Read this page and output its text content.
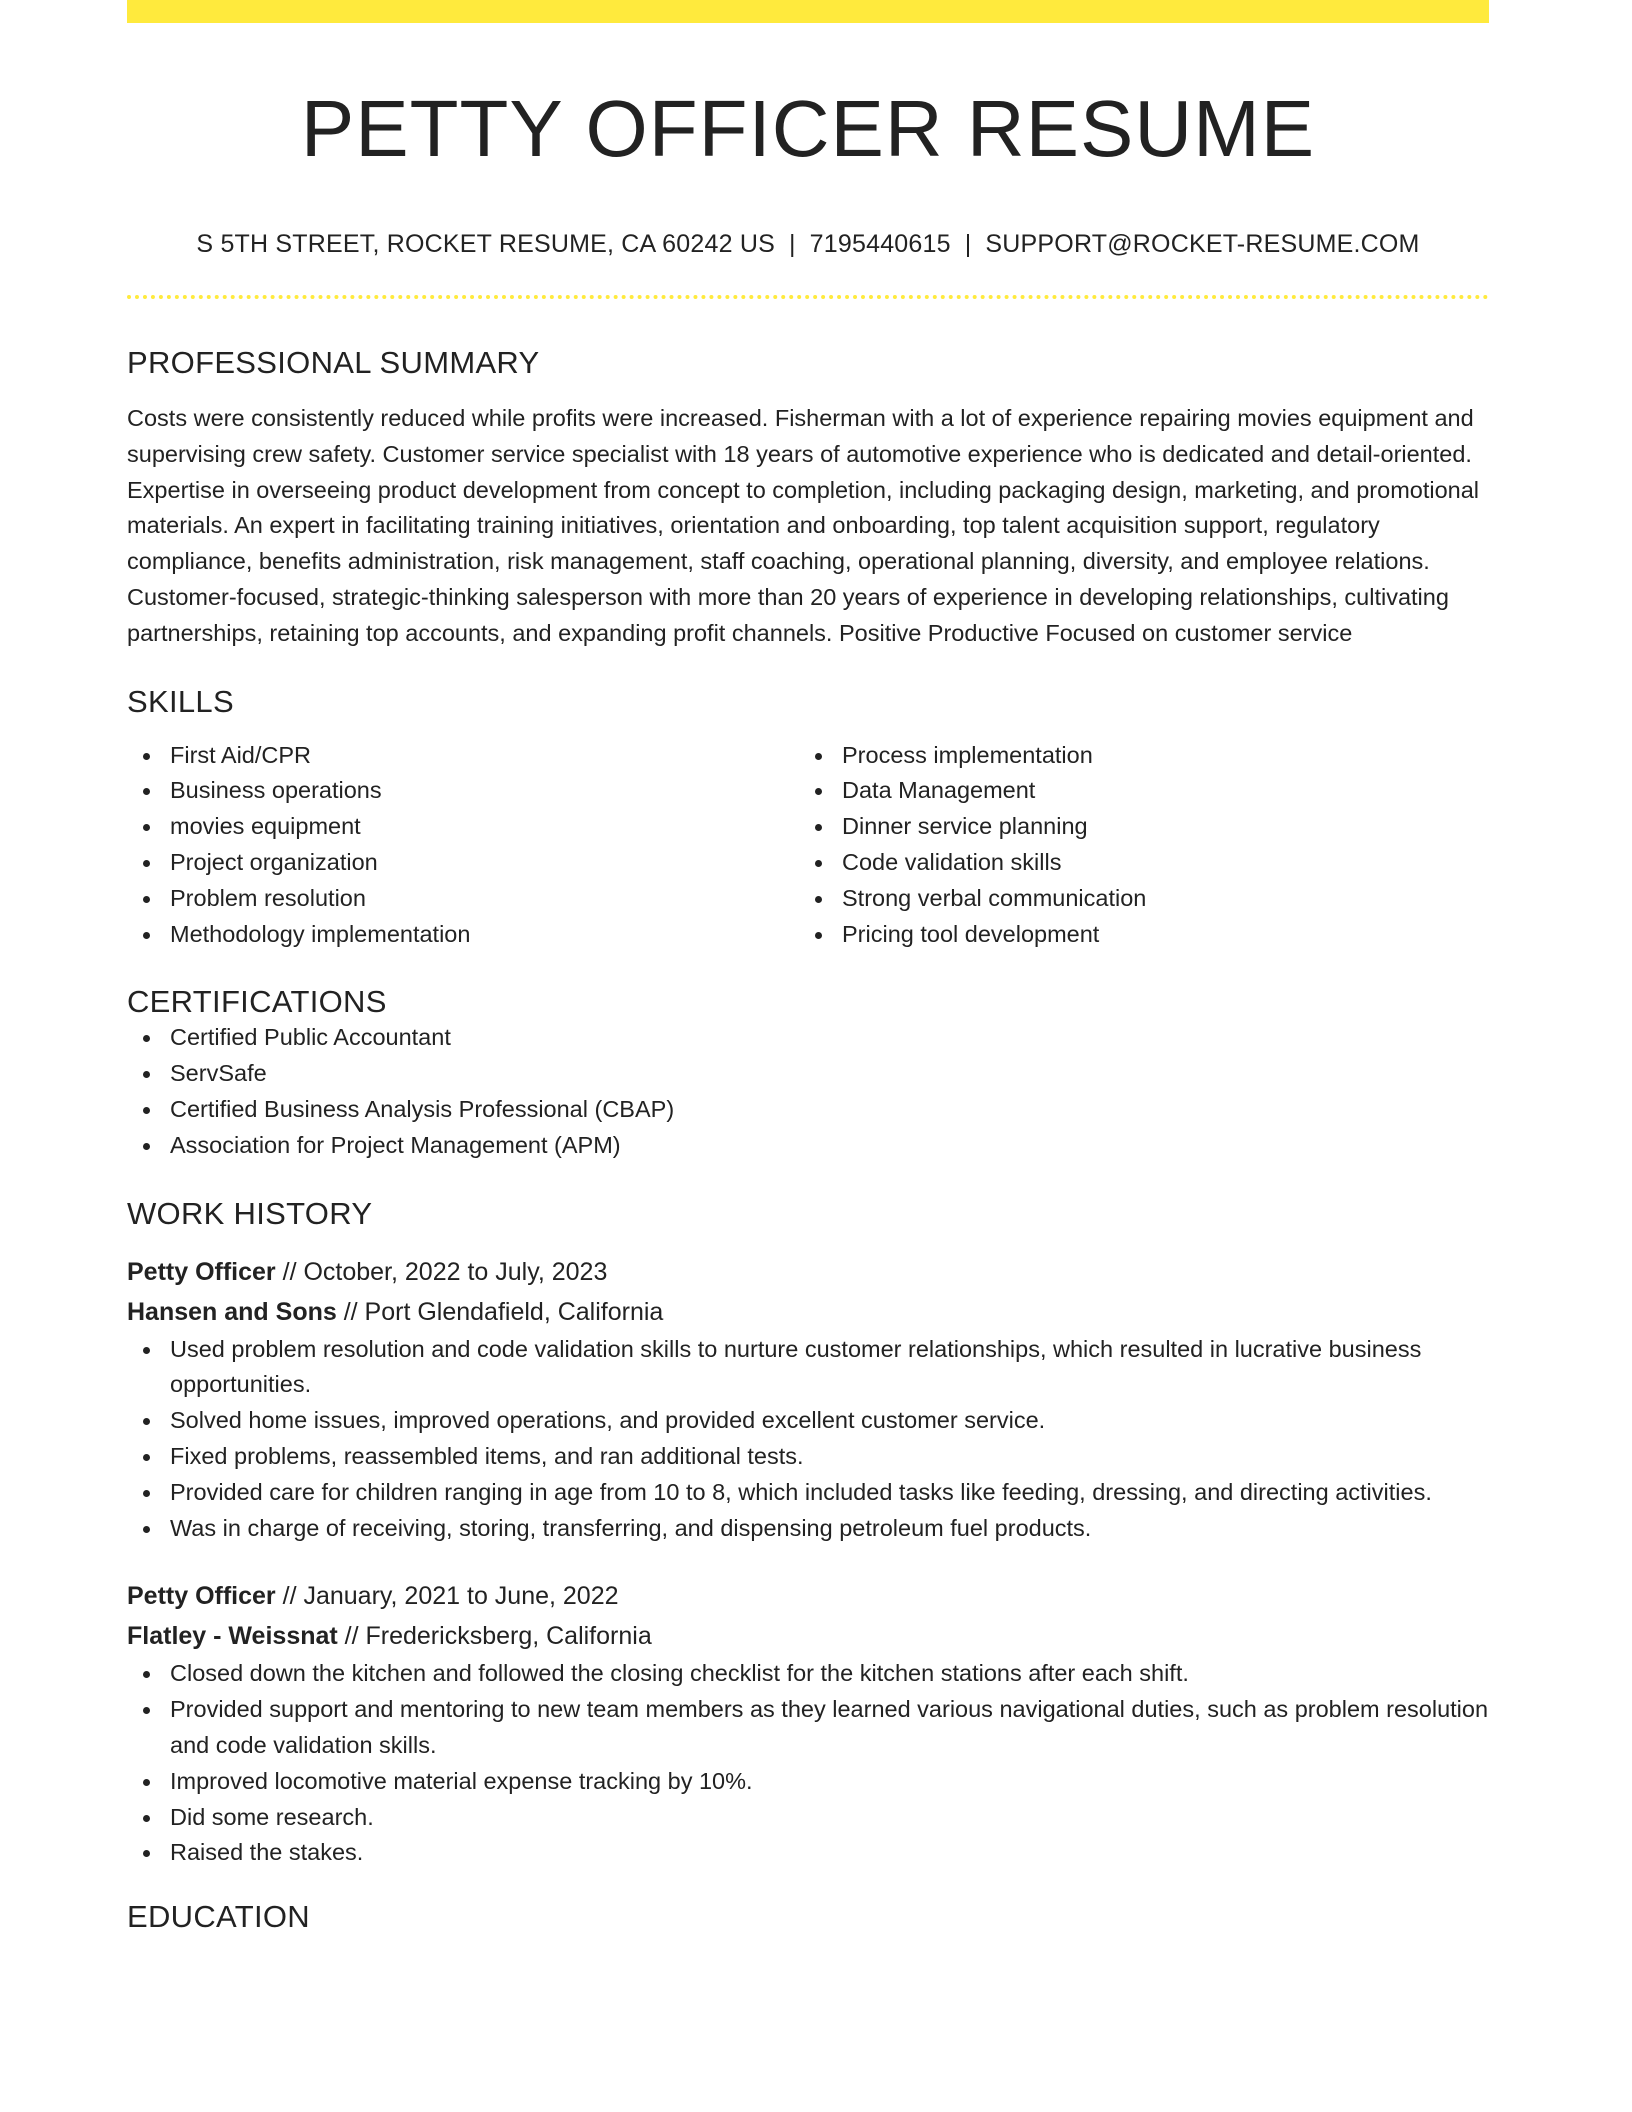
PETTY OFFICER RESUME
S 5TH STREET, ROCKET RESUME, CA 60242 US | 7195440615 | SUPPORT@ROCKET-RESUME.COM
PROFESSIONAL SUMMARY
Costs were consistently reduced while profits were increased. Fisherman with a lot of experience repairing movies equipment and supervising crew safety. Customer service specialist with 18 years of automotive experience who is dedicated and detail-oriented. Expertise in overseeing product development from concept to completion, including packaging design, marketing, and promotional materials. An expert in facilitating training initiatives, orientation and onboarding, top talent acquisition support, regulatory compliance, benefits administration, risk management, staff coaching, operational planning, diversity, and employee relations. Customer-focused, strategic-thinking salesperson with more than 20 years of experience in developing relationships, cultivating partnerships, retaining top accounts, and expanding profit channels. Positive Productive Focused on customer service
SKILLS
First Aid/CPR
Business operations
movies equipment
Project organization
Problem resolution
Methodology implementation
Process implementation
Data Management
Dinner service planning
Code validation skills
Strong verbal communication
Pricing tool development
CERTIFICATIONS
Certified Public Accountant
ServSafe
Certified Business Analysis Professional (CBAP)
Association for Project Management (APM)
WORK HISTORY
Petty Officer // October, 2022 to July, 2023
Hansen and Sons // Port Glendafield, California
Used problem resolution and code validation skills to nurture customer relationships, which resulted in lucrative business opportunities.
Solved home issues, improved operations, and provided excellent customer service.
Fixed problems, reassembled items, and ran additional tests.
Provided care for children ranging in age from 10 to 8, which included tasks like feeding, dressing, and directing activities.
Was in charge of receiving, storing, transferring, and dispensing petroleum fuel products.
Petty Officer // January, 2021 to June, 2022
Flatley - Weissnat // Fredericksberg, California
Closed down the kitchen and followed the closing checklist for the kitchen stations after each shift.
Provided support and mentoring to new team members as they learned various navigational duties, such as problem resolution and code validation skills.
Improved locomotive material expense tracking by 10%.
Did some research.
Raised the stakes.
EDUCATION
